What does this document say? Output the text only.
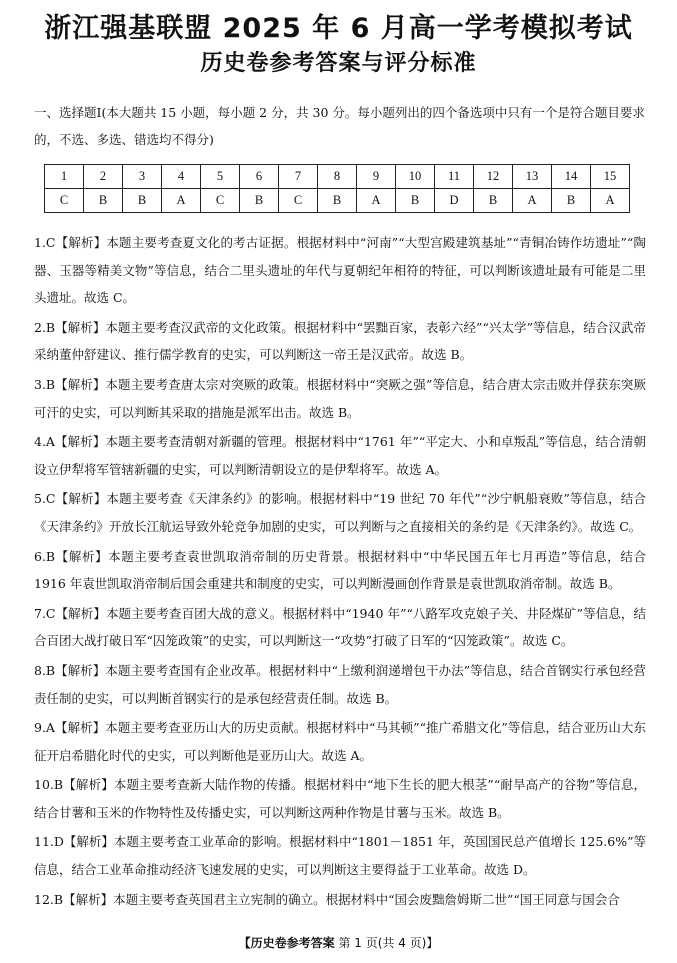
浙江强基联盟 2025 年 6 月高一学考模拟考试
历史卷参考答案与评分标准
一、选择题Ⅰ(本大题共 15 小题，每小题 2 分，共 30 分。每小题列出的四个备选项中只有一个是符合题目要求的，不选、多选、错选均不得分)
1	2	3	4	5	6	7	8	9	10	11	12	13	14	15
C	B	B	A	C	B	C	B	A	B	D	B	A	B	A

1.C【解析】本题主要考查夏文化的考古证据。根据材料中“河南”“大型宫殿建筑基址”“青铜冶铸作坊遗址”“陶器、玉器等精美文物”等信息，结合二里头遗址的年代与夏朝纪年相符的特征，可以判断该遗址最有可能是二里头遗址。故选 C。

2.B【解析】本题主要考查汉武帝的文化政策。根据材料中“罢黜百家，表彰六经”“兴太学”等信息，结合汉武帝采纳董仲舒建议、推行儒学教育的史实，可以判断这一帝王是汉武帝。故选 B。

3.B【解析】本题主要考查唐太宗对突厥的政策。根据材料中“突厥之强”等信息，结合唐太宗击败并俘获东突厥可汗的史实，可以判断其采取的措施是派军出击。故选 B。

4.A【解析】本题主要考查清朝对新疆的管理。根据材料中“1761 年”“平定大、小和卓叛乱”等信息，结合清朝设立伊犁将军管辖新疆的史实，可以判断清朝设立的是伊犁将军。故选 A。

5.C【解析】本题主要考查《天津条约》的影响。根据材料中“19 世纪 70 年代”“沙宁帆船衰败”等信息，结合《天津条约》开放长江航运导致外轮竞争加剧的史实，可以判断与之直接相关的条约是《天津条约》。故选 C。

6.B【解析】本题主要考查袁世凯取消帝制的历史背景。根据材料中“中华民国五年七月再造”等信息，结合 1916 年袁世凯取消帝制后国会重建共和制度的史实，可以判断漫画创作背景是袁世凯取消帝制。故选 B。

7.C【解析】本题主要考查百团大战的意义。根据材料中“1940 年”“八路军攻克娘子关、井陉煤矿”等信息，结合百团大战打破日军“囚笼政策”的史实，可以判断这一“攻势”打破了日军的“囚笼政策”。故选 C。

8.B【解析】本题主要考查国有企业改革。根据材料中“上缴利润递增包干办法”等信息，结合首钢实行承包经营责任制的史实，可以判断首钢实行的是承包经营责任制。故选 B。

9.A【解析】本题主要考查亚历山大的历史贡献。根据材料中“马其顿”“推广希腊文化”等信息，结合亚历山大东征开启希腊化时代的史实，可以判断他是亚历山大。故选 A。

10.B【解析】本题主要考查新大陆作物的传播。根据材料中“地下生长的肥大根茎”“耐旱高产的谷物”等信息，结合甘薯和玉米的作物特性及传播史实，可以判断这两种作物是甘薯与玉米。故选 B。

11.D【解析】本题主要考查工业革命的影响。根据材料中“1801－1851 年，英国国民总产值增长 125.6%”等信息，结合工业革命推动经济飞速发展的史实，可以判断这主要得益于工业革命。故选 D。

12.B【解析】本题主要考查英国君主立宪制的确立。根据材料中“国会废黜詹姆斯二世”“国王同意与国会合

【历史卷参考答案 第 1 页(共 4 页)】
